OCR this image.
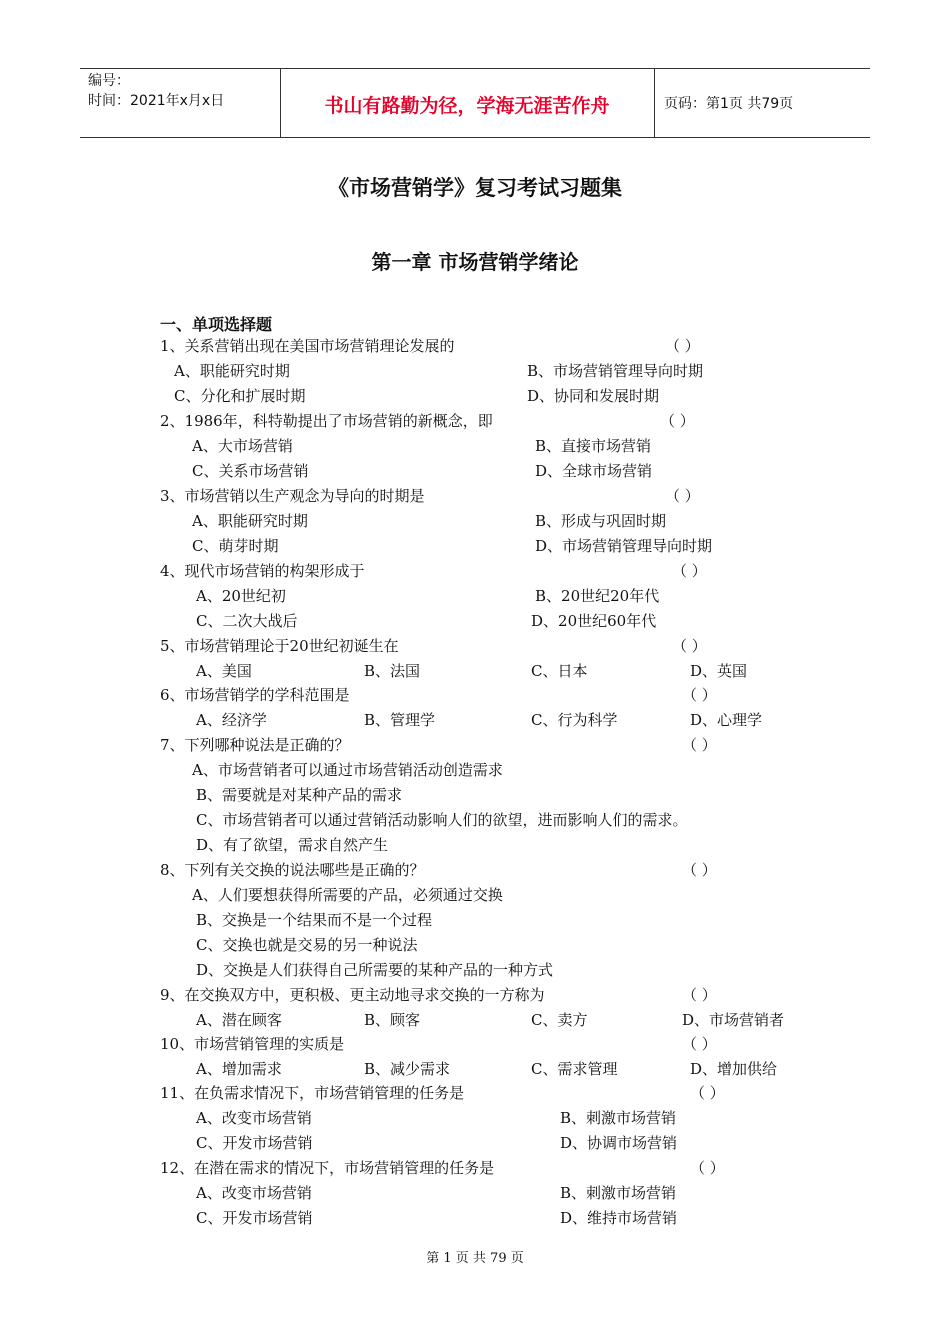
编号：
时间：2021年x月x日	书山有路勤为径，学海无涯苦作舟	页码：第1页 共79页
《市场营销学》复习考试习题集
第一章 市场营销学绪论
一、单项选择题
1、关系营销出现在美国市场营销理论发展的	（ ）
A、职能研究时期	B、市场营销管理导向时期
C、分化和扩展时期	D、协同和发展时期
2、1986年，科特勒提出了市场营销的新概念，即	（ ）
A、大市场营销	B、直接市场营销
C、关系市场营销	D、全球市场营销
3、市场营销以生产观念为导向的时期是	（ ）
A、职能研究时期	B、形成与巩固时期
C、萌芽时期	D、市场营销管理导向时期
4、现代市场营销的构架形成于	（ ）
A、20世纪初	B、20世纪20年代
C、二次大战后	D、20世纪60年代
5、市场营销理论于20世纪初诞生在	（ ）
A、美国	B、法国	C、日本	D、英国
6、市场营销学的学科范围是	（ ）
A、经济学	B、管理学	C、行为科学	D、心理学
7、下列哪种说法是正确的？	（ ）
A、市场营销者可以通过市场营销活动创造需求
B、需要就是对某种产品的需求
C、市场营销者可以通过营销活动影响人们的欲望，进而影响人们的需求。
D、有了欲望，需求自然产生
8、下列有关交换的说法哪些是正确的？	（ ）
A、人们要想获得所需要的产品，必须通过交换
B、交换是一个结果而不是一个过程
C、交换也就是交易的另一种说法
D、交换是人们获得自己所需要的某种产品的一种方式
9、在交换双方中，更积极、更主动地寻求交换的一方称为	（ ）
A、潜在顾客	B、顾客	C、卖方	D、市场营销者
10、市场营销管理的实质是	（ ）
A、增加需求	B、减少需求	C、需求管理	D、增加供给
11、在负需求情况下，市场营销管理的任务是	（ ）
A、改变市场营销	B、刺激市场营销
C、开发市场营销	D、协调市场营销
12、在潜在需求的情况下，市场营销管理的任务是	（ ）
A、改变市场营销	B、刺激市场营销
C、开发市场营销	D、维持市场营销
第 1 页 共 79 页
